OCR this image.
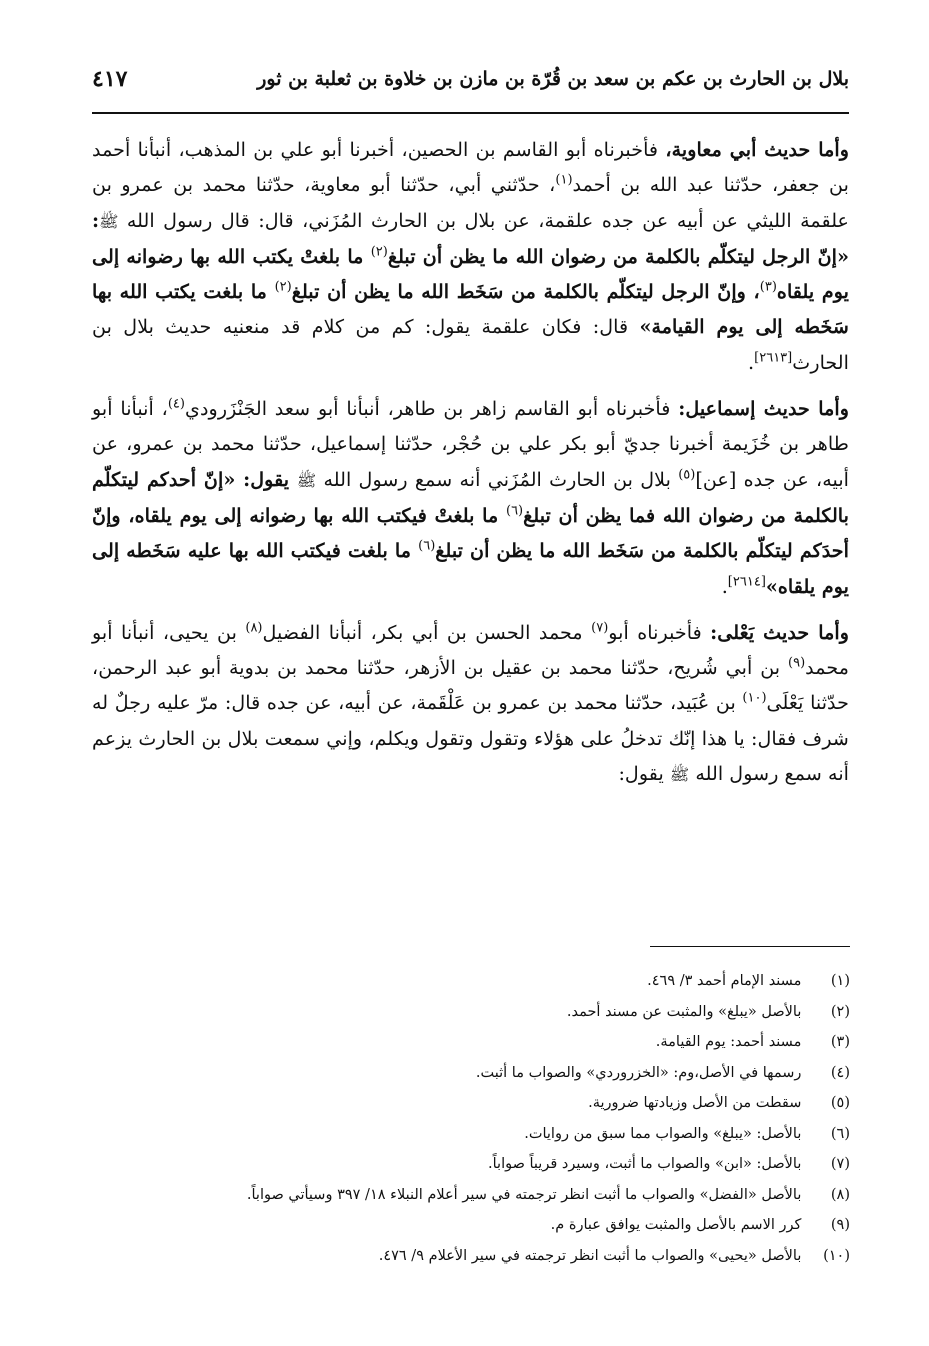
بلال بن الحارث بن عكم بن سعد بن قُرّة بن مازن بن خلاوة بن ثعلبة بن ثور
٤١٧

وأما حديث أبي معاوية، فأخبرناه أبو القاسم بن الحصين، أخبرنا أبو علي بن المذهب، أنبأنا أحمد بن جعفر، حدّثنا عبد الله بن أحمد$^{(١)}$، حدّثني أبي، حدّثنا أبو معاوية، حدّثنا محمد بن عمرو بن علقمة الليثي عن أبيه عن جده علقمة، عن بلال بن الحارث المُزَني، قال: قال رسول الله ﷺ: «إنّ الرجل ليتكلّم بالكلمة من رضوان الله ما يظن أن تبلغ$^{(٢)}$ ما بلغتْ يكتب الله بها رضوانه إلى يوم يلقاه$^{(٣)}$، وإنّ الرجل ليتكلّم بالكلمة من سَخَط الله ما يظن أن تبلغ$^{(٢)}$ ما بلغت يكتب الله بها سَخَطه إلى يوم القيامة» قال: فكان علقمة يقول: كم من كلام قد منعنيه حديث بلال بن الحارث[٢٦١٣].

وأما حديث إسماعيل: فأخبرناه أبو القاسم زاهر بن طاهر، أنبأنا أبو سعد الجَنْزَرودي$^{(٤)}$، أنبأنا أبو طاهر بن خُزَيمة أخبرنا جديّ أبو بكر علي بن حُجْر، حدّثنا إسماعيل، حدّثنا محمد بن عمرو، عن أبيه، عن جده [عن]$^{(٥)}$ بلال بن الحارث المُزَني أنه سمع رسول الله ﷺ يقول: «إنّ أحدكم ليتكلّم بالكلمة من رضوان الله فما يظن أن تبلغ$^{(٦)}$ ما بلغتْ فيكتب الله بها رضوانه إلى يوم يلقاه، وإنّ أحدَكم ليتكلّم بالكلمة من سَخَط الله ما يظن أن تبلغ$^{(٦)}$ ما بلغت فيكتب الله بها عليه سَخَطه إلى يوم يلقاه»[٢٦١٤].

وأما حديث يَعْلى: فأخبرناه أبو$^{(٧)}$ محمد الحسن بن أبي بكر، أنبأنا الفضيل$^{(٨)}$ بن يحيى، أنبأنا أبو محمد$^{(٩)}$ بن أبي شُريح، حدّثنا محمد بن عقيل بن الأزهر، حدّثنا محمد بن بدوية أبو عبد الرحمن، حدّثنا يَعْلَى$^{(١٠)}$ بن عُبَيد، حدّثنا محمد بن عمرو بن عَلْقَمة، عن أبيه، عن جده قال: مرّ عليه رجلٌ له شرف فقال: يا هذا إنّك تدخلُ على هؤلاء وتقول وتقول ويكلم، وإني سمعت بلال بن الحارث يزعم أنه سمع رسول الله ﷺ يقول:

(١) مسند الإمام أحمد ٣/ ٤٦٩.
(٢) بالأصل «يبلغ» والمثبت عن مسند أحمد.
(٣) مسند أحمد: يوم القيامة.
(٤) رسمها في الأصل،وم: «الخزروردي» والصواب ما أثبت.
(٥) سقطت من الأصل وزيادتها ضرورية.
(٦) بالأصل: «يبلغ» والصواب مما سبق من روايات.
(٧) بالأصل: «ابن» والصواب ما أثبت، وسيرد قريباً صواباً.
(٨) بالأصل «الفضل» والصواب ما أثبت انظر ترجمته في سير أعلام النبلاء ١٨/ ٣٩٧ وسيأتي صواباً.
(٩) كرر الاسم بالأصل والمثبت يوافق عبارة م.
(١٠) بالأصل «يحيى» والصواب ما أثبت انظر ترجمته في سير الأعلام ٩/ ٤٧٦.
